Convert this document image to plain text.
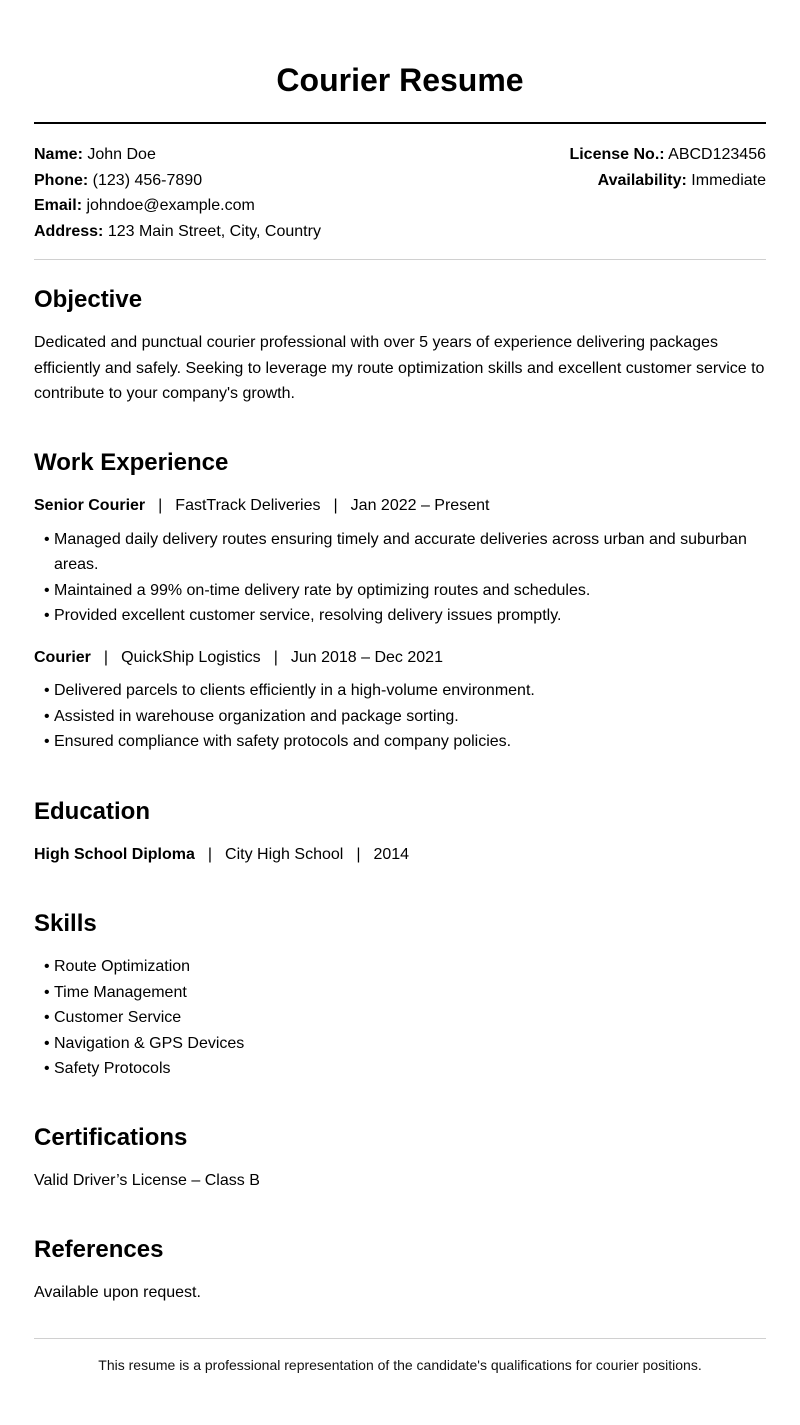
Courier Resume
Name: John Doe
Phone: (123) 456-7890
Email: johndoe@example.com
Address: 123 Main Street, City, Country
License No.: ABCD123456
Availability: Immediate
Objective

Dedicated and punctual courier professional with over 5 years of experience delivering packages efficiently and safely. Seeking to leverage my route optimization skills and excellent customer service to contribute to your company's growth.

Work Experience
Senior Courier | FastTrack Deliveries | Jan 2022 – Present
• Managed daily delivery routes ensuring timely and accurate deliveries across urban and suburban areas.
• Maintained a 99% on-time delivery rate by optimizing routes and schedules.
• Provided excellent customer service, resolving delivery issues promptly.
Courier | QuickShip Logistics | Jun 2018 – Dec 2021
• Delivered parcels to clients efficiently in a high-volume environment.
• Assisted in warehouse organization and package sorting.
• Ensured compliance with safety protocols and company policies.
Education
High School Diploma | City High School | 2014
Skills
• Route Optimization
• Time Management
• Customer Service
• Navigation & GPS Devices
• Safety Protocols
Certifications

Valid Driver’s License – Class B

References

Available upon request.

This resume is a professional representation of the candidate's qualifications for courier positions.
